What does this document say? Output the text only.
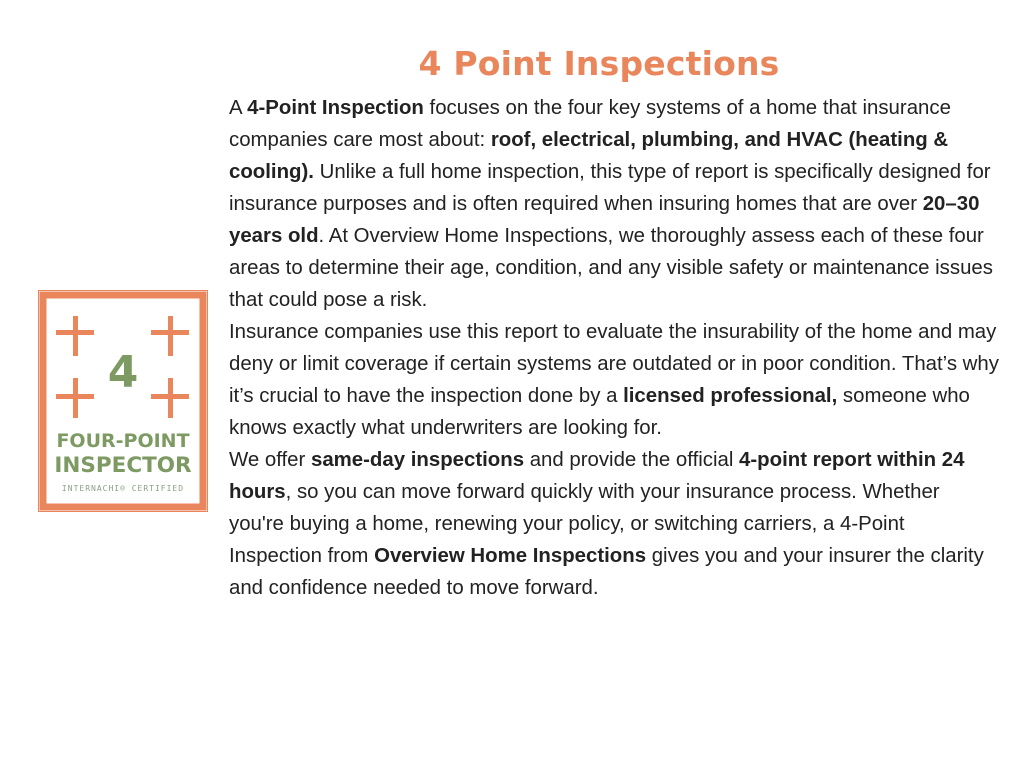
4 Point Inspections
4
FOUR-POINT
INSPECTOR
INTERNACHI® CERTIFIED

A 4-Point Inspection focuses on the four key systems of a home that insurance companies care most about: roof, electrical, plumbing, and HVAC (heating & cooling). Unlike a full home inspection, this type of report is specifically designed for insurance purposes and is often required when insuring homes that are over 20–30 years old. At Overview Home Inspections, we thoroughly assess each of these four areas to determine their age, condition, and any visible safety or maintenance issues that could pose a risk.

Insurance companies use this report to evaluate the insurability of the home and may deny or limit coverage if certain systems are outdated or in poor condition. That’s why it’s crucial to have the inspection done by a licensed professional, someone who knows exactly what underwriters are looking for.

We offer same-day inspections and provide the official 4-point report within 24 hours, so you can move forward quickly with your insurance process. Whether you're buying a home, renewing your policy, or switching carriers, a 4-Point Inspection from Overview Home Inspections gives you and your insurer the clarity and confidence needed to move forward.
